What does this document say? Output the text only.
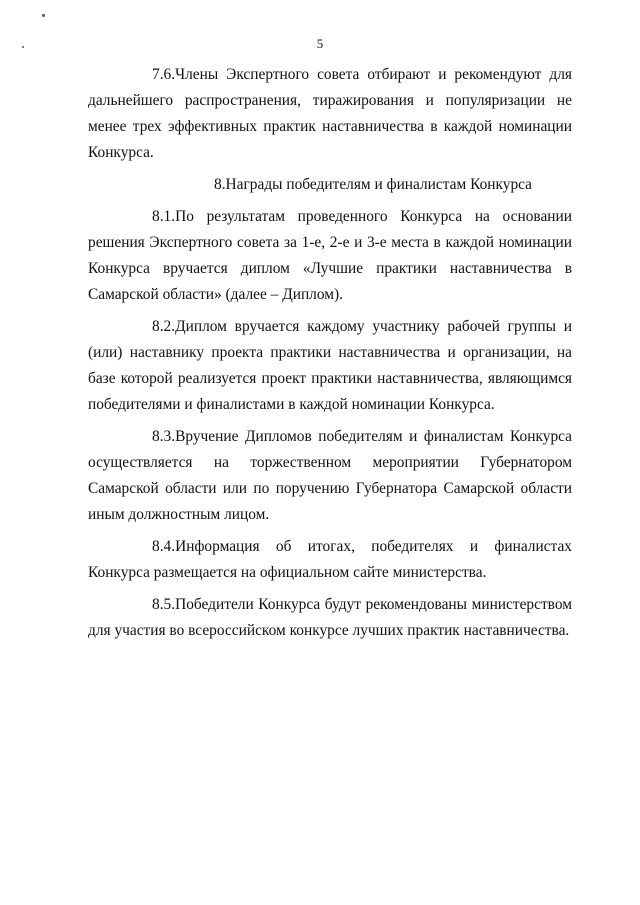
5

7.6.Члены Экспертного совета отбирают и рекомендуют для дальнейшего распространения, тиражирования и популяризации не менее трех эффективных практик наставничества в каждой номинации Конкурса.

8.Награды победителям и финалистам Конкурса

8.1.По результатам проведенного Конкурса на основании решения Экспертного совета за 1-е, 2-е и 3-е места в каждой номинации Конкурса вручается диплом «Лучшие практики наставничества в Самарской области» (далее – Диплом).

8.2.Диплом вручается каждому участнику рабочей группы и (или) наставнику проекта практики наставничества и организации, на базе которой реализуется проект практики наставничества, являющимся победителями и финалистами в каждой номинации Конкурса.

8.3.Вручение Дипломов победителям и финалистам Конкурса осуществляется на торжественном мероприятии Губернатором Самарской области или по поручению Губернатора Самарской области иным должностным лицом.

8.4.Информация об итогах, победителях и финалистах Конкурса размещается на официальном сайте министерства.

8.5.Победители Конкурса будут рекомендованы министерством для участия во всероссийском конкурсе лучших практик наставничества.
